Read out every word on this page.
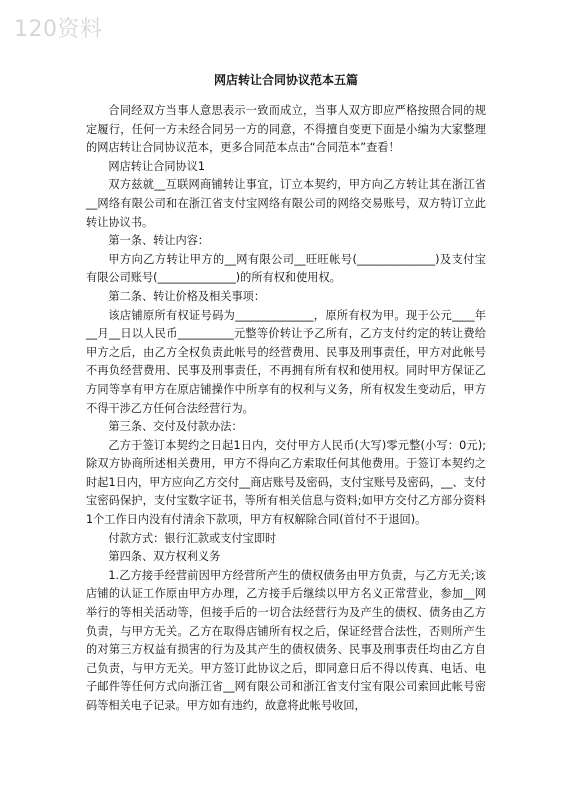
120资料
网店转让合同协议范本五篇

合同经双方当事人意思表示一致而成立，当事人双方即应严格按照合同的规定履行，任何一方未经合同另一方的同意，不得擅自变更下面是小编为大家整理的网店转让合同协议范本，更多合同范本点击“合同范本”查看！

网店转让合同协议1

双方兹就__互联网商铺转让事宜，订立本契约，甲方向乙方转让其在浙江省__网络有限公司和在浙江省支付宝网络有限公司的网络交易账号，双方特订立此转让协议书。

第一条、转让内容：

甲方向乙方转让甲方的__网有限公司__旺旺帐号(______________)及支付宝有限公司账号(______________)的所有权和使用权。

第二条、转让价格及相关事项：

该店铺原所有权证号码为______________，原所有权为甲。现于公元____年__月__日以人民币__________元整等价转让予乙所有，乙方支付约定的转让费给甲方之后，由乙方全权负责此帐号的经营费用、民事及刑事责任，甲方对此帐号不再负经营费用、民事及刑事责任，不再拥有所有权和使用权。同时甲方保证乙方同等享有甲方在原店铺操作中所享有的权利与义务，所有权发生变动后，甲方不得干涉乙方任何合法经营行为。

第三条、交付及付款办法：

乙方于签订本契约之日起1日内，交付甲方人民币(大写)零元整(小写：0元);除双方协商所述相关费用，甲方不得向乙方索取任何其他费用。于签订本契约之时起1日内，甲方应向乙方交付__商店账号及密码，支付宝账号及密码，__、支付宝密码保护，支付宝数字证书，等所有相关信息与资料;如甲方交付乙方部分资料1个工作日内没有付清余下款项，甲方有权解除合同(首付不于退回)。

付款方式：银行汇款或支付宝即时

第四条、双方权利义务

1.乙方接手经营前因甲方经营所产生的债权债务由甲方负责，与乙方无关;该店铺的认证工作原由甲方办理，乙方接手后继续以甲方名义正常营业，参加__网举行的等相关活动等，但接手后的一切合法经营行为及产生的债权、债务由乙方负责，与甲方无关。乙方在取得店铺所有权之后，保证经营合法性，否则所产生的对第三方权益有损害的行为及其产生的债权债务、民事及刑事责任均由乙方自己负责，与甲方无关。甲方签订此协议之后，即同意日后不得以传真、电话、电子邮件等任何方式向浙江省__网有限公司和浙江省支付宝有限公司索回此帐号密码等相关电子记录。甲方如有违约，故意将此帐号收回，
